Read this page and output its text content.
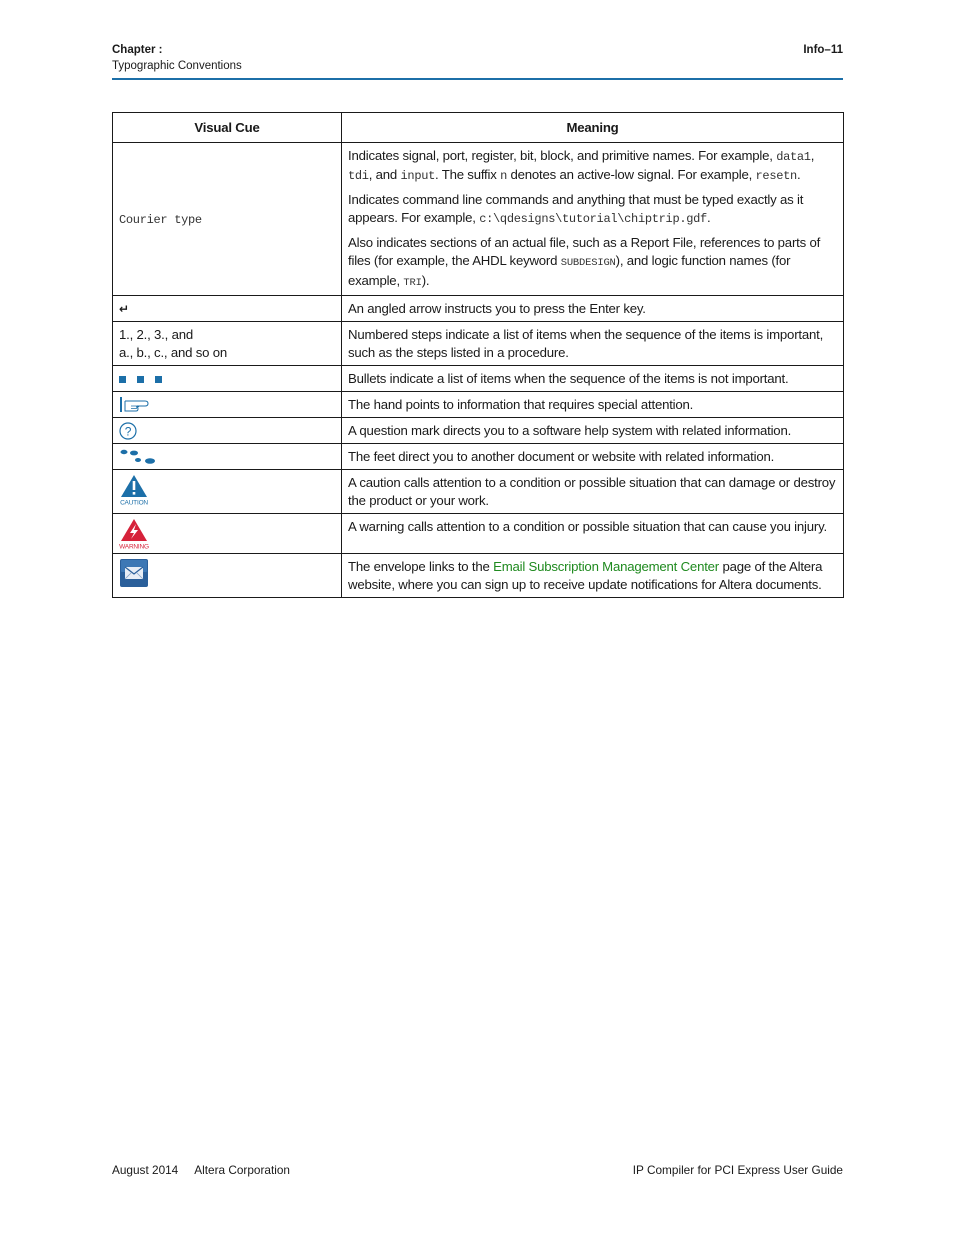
Chapter :
Typographic Conventions
Info–11
Visual Cue	Meaning
Courier type	Indicates signal, port, register, bit, block, and primitive names. For example, data1, tdi, and input. The suffix n denotes an active-low signal. For example, resetn.

Indicates command line commands and anything that must be typed exactly as it appears. For example, c:\qdesigns\tutorial\chiptrip.gdf.

Also indicates sections of an actual file, such as a Report File, references to parts of files (for example, the AHDL keyword SUBDESIGN), and logic function names (for example, TRI).

↵	An angled arrow instructs you to press the Enter key.

1., 2., 3., and
a., b., c., and so on	Numbered steps indicate a list of items when the sequence of the items is important, such as the steps listed in a procedure.
	Bullets indicate a list of items when the sequence of the items is not important.

	The hand points to information that requires special attention.

?	A question mark directs you to a software help system with related information.

	The feet direct you to another document or website with related information.

CAUTION	A caution calls attention to a condition or possible situation that can damage or destroy the product or your work.

WARNING	A warning calls attention to a condition or possible situation that can cause you injury.

	The envelope links to the Email Subscription Management Center page of the Altera website, where you can sign up to receive update notifications for Altera documents.
August 2014 Altera Corporation	IP Compiler for PCI Express User Guide
